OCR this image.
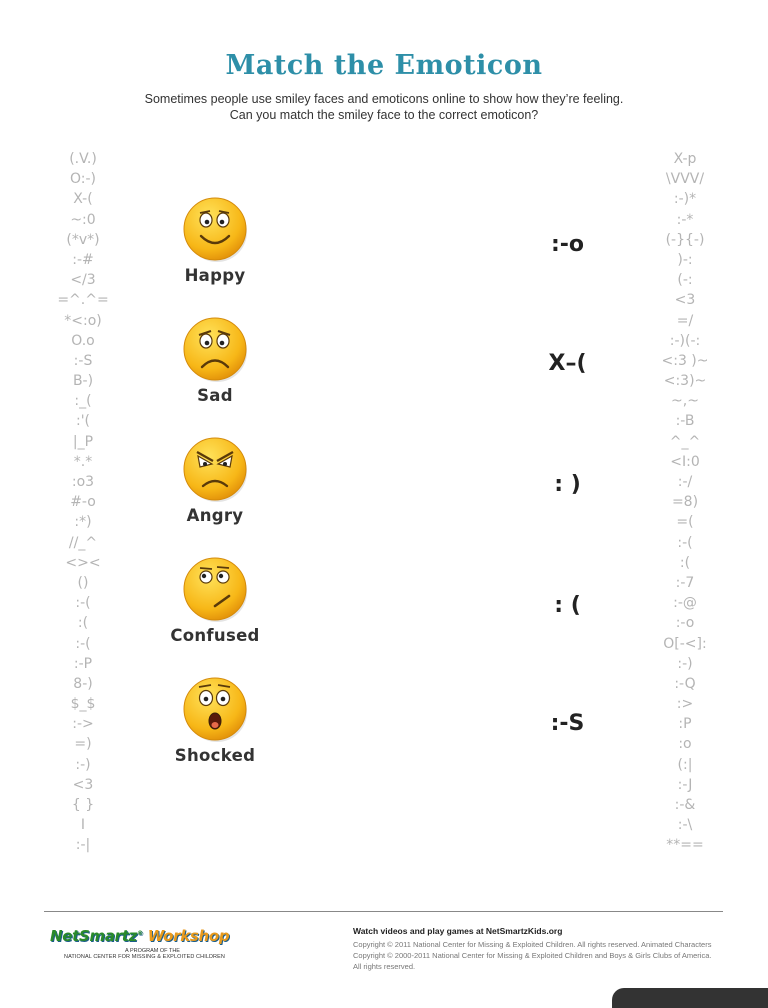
Match the Emoticon
Sometimes people use smiley faces and emoticons online to show how they’re feeling.
Can you match the smiley face to the correct emoticon?
(.V.)
O:-)
X-(
~:0
(*v*)
:-#
</3
=^.^=
*<:o)
O.o
:-S
B-)
:_(
:'(
|_P
*.*
:o3
#-o
:*)
//_^
<><
()
:-(
:(
:-(
:-P
8-)
$_$
:->
=)
:-)
<3
{ }
I
:-|
X-p
\VVV/
:-)*
:-*
(-}{-)
)-:
(-:
<3
=/
:-)(-:
<:3 )~
<:3)~
~,~
:-B
^_^
<I:0
:-/
=8)
=(
:-(
:(
:-7
:-@
:-o
O[-<]:
:-)
:-Q
:>
:P
:o
(:|
:-J
:-&
:-\
**==
Happy
Sad
Angry
Confused
Shocked
:-o
X–(
: )
: (
:-S
NetSmartz® Workshop
A PROGRAM OF THE
NATIONAL CENTER FOR MISSING & EXPLOITED CHILDREN
Watch videos and play games at NetSmartzKids.org
Copyright © 2011 National Center for Missing & Exploited Children. All rights reserved. Animated Characters Copyright © 2000-2011 National Center for Missing & Exploited Children and Boys & Girls Clubs of America. All rights reserved.
